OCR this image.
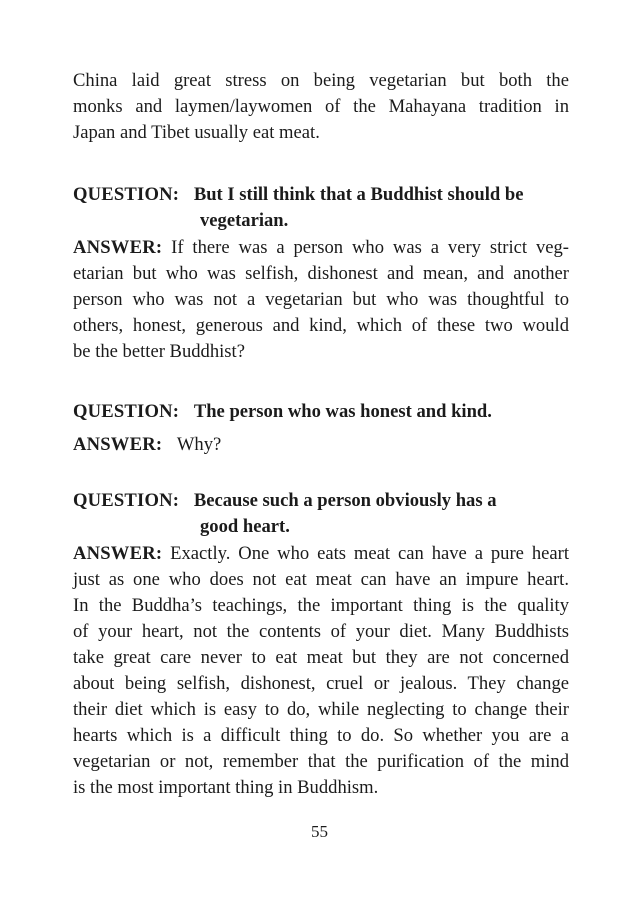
China laid great stress on being vegetarian but both the
monks and laymen/laywomen of the Mahayana tradition in
Japan and Tibet usually eat meat.
QUESTION: But I still think that a Buddhist should be
vegetarian.
ANSWER: If there was a person who was a very strict veg-
etarian but who was selfish, dishonest and mean, and another
person who was not a vegetarian but who was thoughtful to
others, honest, generous and kind, which of these two would
be the better Buddhist?
QUESTION: The person who was honest and kind.
ANSWER: Why?
QUESTION: Because such a person obviously has a
good heart.
ANSWER: Exactly. One who eats meat can have a pure heart
just as one who does not eat meat can have an impure heart.
In the Buddha’s teachings, the important thing is the quality
of your heart, not the contents of your diet. Many Buddhists
take great care never to eat meat but they are not concerned
about being selfish, dishonest, cruel or jealous. They change
their diet which is easy to do, while neglecting to change their
hearts which is a difficult thing to do. So whether you are a
vegetarian or not, remember that the purification of the mind
is the most important thing in Buddhism.
55
